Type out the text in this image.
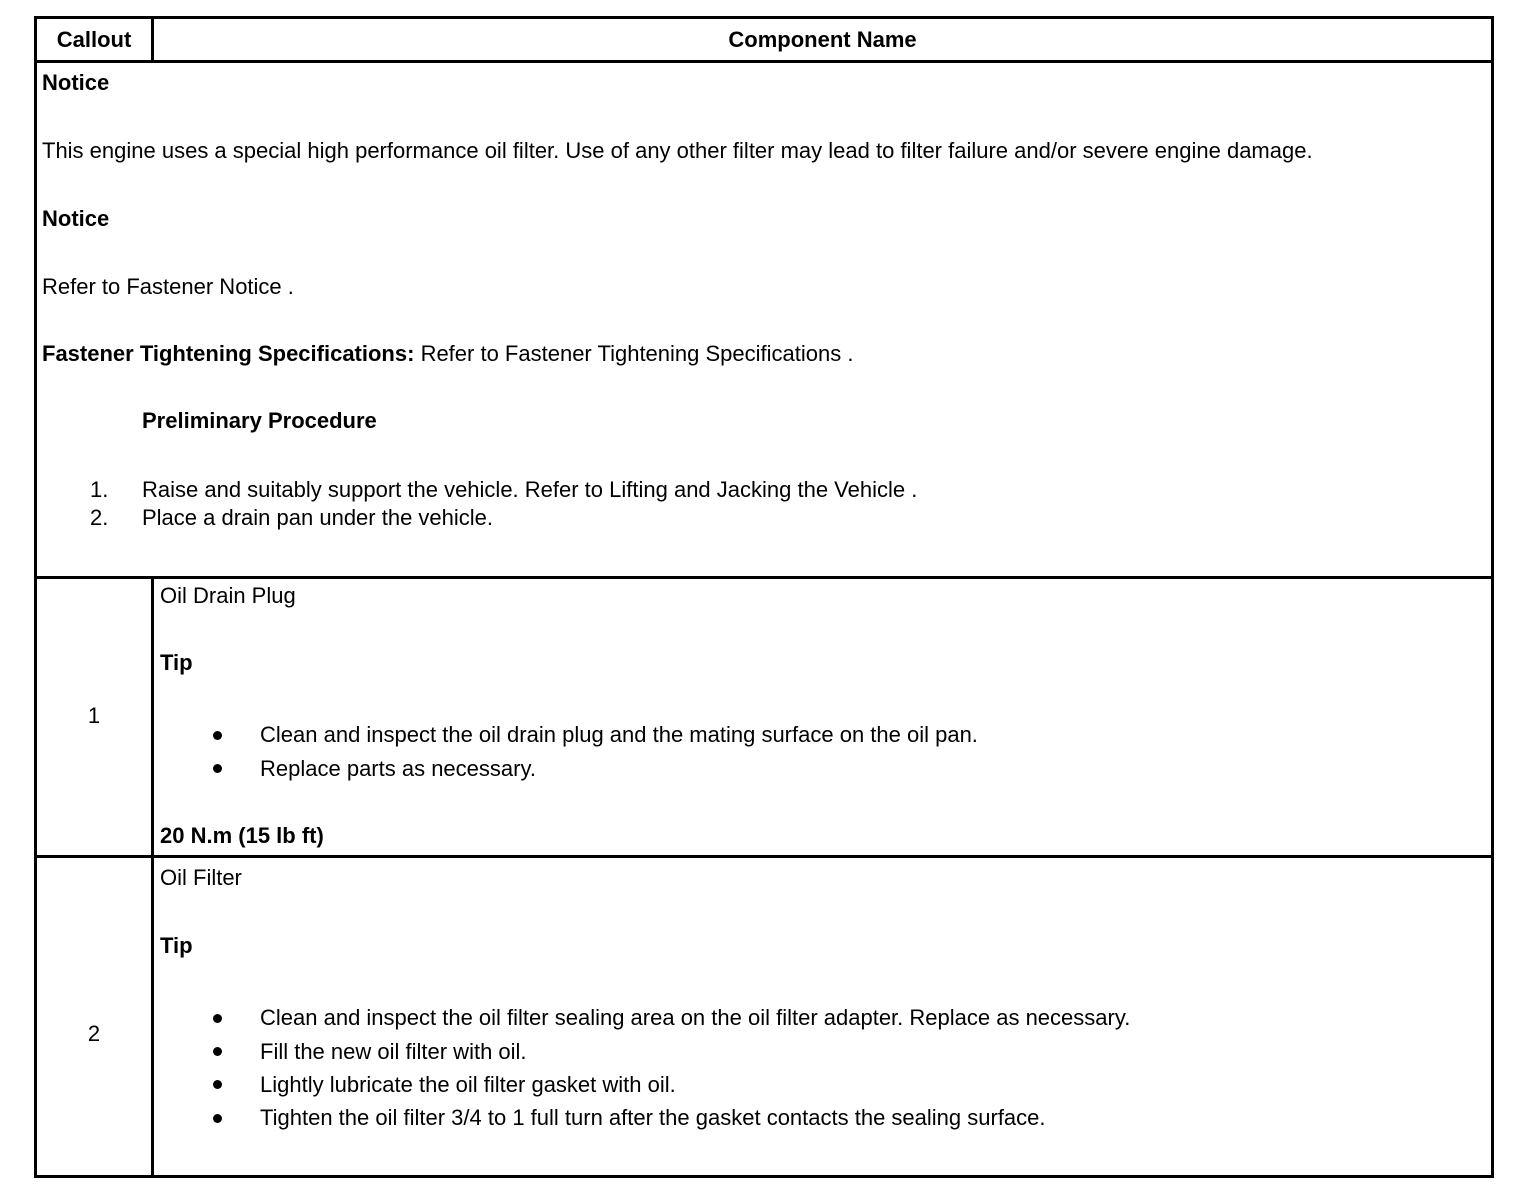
Callout	Component Name
Notice
This engine uses a special high performance oil filter. Use of any other filter may lead to filter failure and/or severe engine damage.
Notice
Refer to Fastener Notice .
Fastener Tightening Specifications: Refer to Fastener Tightening Specifications .
Preliminary Procedure
1. Raise and suitably support the vehicle. Refer to Lifting and Jacking the Vehicle .
2. Place a drain pan under the vehicle.
1
Oil Drain Plug
Tip
Clean and inspect the oil drain plug and the mating surface on the oil pan.
Replace parts as necessary.
20 N.m (15 lb ft)
2
Oil Filter
Tip
Clean and inspect the oil filter sealing area on the oil filter adapter. Replace as necessary.
Fill the new oil filter with oil.
Lightly lubricate the oil filter gasket with oil.
Tighten the oil filter 3/4 to 1 full turn after the gasket contacts the sealing surface.
